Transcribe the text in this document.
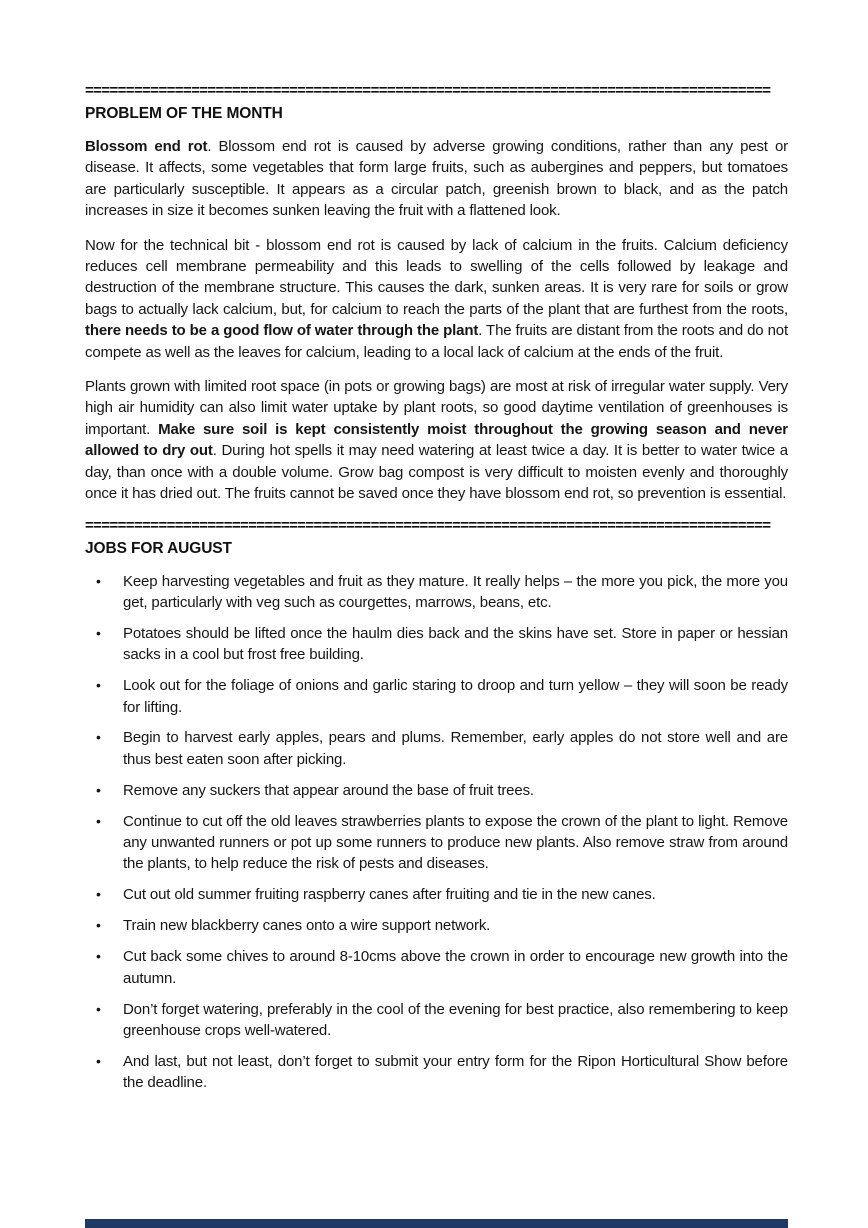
====================================================================================
PROBLEM OF THE MONTH
Blossom end rot. Blossom end rot is caused by adverse growing conditions, rather than any pest or disease. It affects, some vegetables that form large fruits, such as aubergines and peppers, but tomatoes are particularly susceptible. It appears as a circular patch, greenish brown to black, and as the patch increases in size it becomes sunken leaving the fruit with a flattened look.
Now for the technical bit - blossom end rot is caused by lack of calcium in the fruits. Calcium deficiency reduces cell membrane permeability and this leads to swelling of the cells followed by leakage and destruction of the membrane structure. This causes the dark, sunken areas. It is very rare for soils or grow bags to actually lack calcium, but, for calcium to reach the parts of the plant that are furthest from the roots, there needs to be a good flow of water through the plant. The fruits are distant from the roots and do not compete as well as the leaves for calcium, leading to a local lack of calcium at the ends of the fruit.
Plants grown with limited root space (in pots or growing bags) are most at risk of irregular water supply. Very high air humidity can also limit water uptake by plant roots, so good daytime ventilation of greenhouses is important. Make sure soil is kept consistently moist throughout the growing season and never allowed to dry out. During hot spells it may need watering at least twice a day. It is better to water twice a day, than once with a double volume. Grow bag compost is very difficult to moisten evenly and thoroughly once it has dried out. The fruits cannot be saved once they have blossom end rot, so prevention is essential.
====================================================================================
JOBS FOR AUGUST
•	Keep harvesting vegetables and fruit as they mature. It really helps – the more you pick, the more you get, particularly with veg such as courgettes, marrows, beans, etc.
•	Potatoes should be lifted once the haulm dies back and the skins have set. Store in paper or hessian sacks in a cool but frost free building.
•	Look out for the foliage of onions and garlic staring to droop and turn yellow – they will soon be ready for lifting.
•	Begin to harvest early apples, pears and plums. Remember, early apples do not store well and are thus best eaten soon after picking.
•	Remove any suckers that appear around the base of fruit trees.
•	Continue to cut off the old leaves strawberries plants to expose the crown of the plant to light. Remove any unwanted runners or pot up some runners to produce new plants. Also remove straw from around the plants, to help reduce the risk of pests and diseases.
•	Cut out old summer fruiting raspberry canes after fruiting and tie in the new canes.
•	Train new blackberry canes onto a wire support network.
•	Cut back some chives to around 8-10cms above the crown in order to encourage new growth into the autumn.
•	Don’t forget watering, preferably in the cool of the evening for best practice, also remembering to keep greenhouse crops well-watered.
•	And last, but not least, don’t forget to submit your entry form for the Ripon Horticultural Show before the deadline.
